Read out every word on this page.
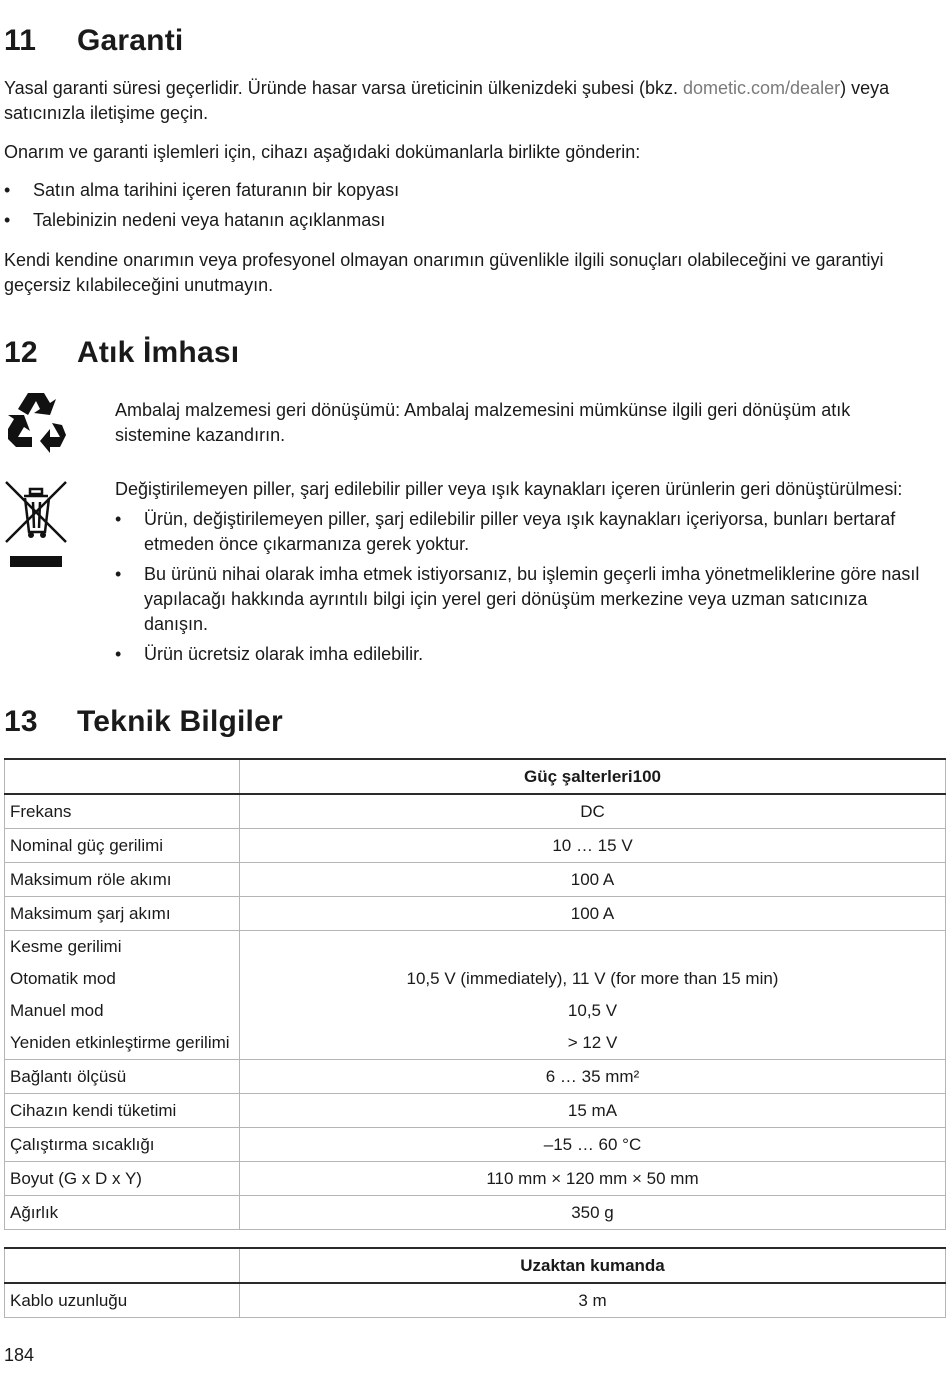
11 Garanti

Yasal garanti süresi geçerlidir. Üründe hasar varsa üreticinin ülkenizdeki şubesi (bkz. dometic.com/dealer) veya satıcınızla iletişime geçin.

Onarım ve garanti işlemleri için, cihazı aşağıdaki dokümanlarla birlikte gönderin:

• Satın alma tarihini içeren faturanın bir kopyası
• Talebinizin nedeni veya hatanın açıklanması

Kendi kendine onarımın veya profesyonel olmayan onarımın güvenlikle ilgili sonuçları olabileceğini ve garantiyi geçersiz kılabileceğini unutmayın.

12 Atık İmhası

Ambalaj malzemesi geri dönüşümü: Ambalaj malzemesini mümkünse ilgili geri dönüşüm atık sistemine kazandırın.

Değiştirilemeyen piller, şarj edilebilir piller veya ışık kaynakları içeren ürünlerin geri dönüştürülmesi:

• Ürün, değiştirilemeyen piller, şarj edilebilir piller veya ışık kaynakları içeriyorsa, bunları bertaraf etmeden önce çıkarmanıza gerek yoktur.
• Bu ürünü nihai olarak imha etmek istiyorsanız, bu işlemin geçerli imha yönetmeliklerine göre nasıl yapılacağı hakkında ayrıntılı bilgi için yerel geri dönüşüm merkezine veya uzman satıcınıza danışın.
• Ürün ücretsiz olarak imha edilebilir.
13 Teknik Bilgiler
	Güç şalterleri100
Frekans	DC
Nominal güç gerilimi	10 … 15 V
Maksimum röle akımı	100 A
Maksimum şarj akımı	100 A
Kesme gerilimi	
Otomatik mod	10,5 V (immediately), 11 V (for more than 15 min)
Manuel mod	10,5 V
Yeniden etkinleştirme gerilimi	> 12 V
Bağlantı ölçüsü	6 … 35 mm²
Cihazın kendi tüketimi	15 mA
Çalıştırma sıcaklığı	–15 … 60 °C
Boyut (G x D x Y)	110 mm × 120 mm × 50 mm
Ağırlık	350 g
	Uzaktan kumanda
Kablo uzunluğu	3 m
184
